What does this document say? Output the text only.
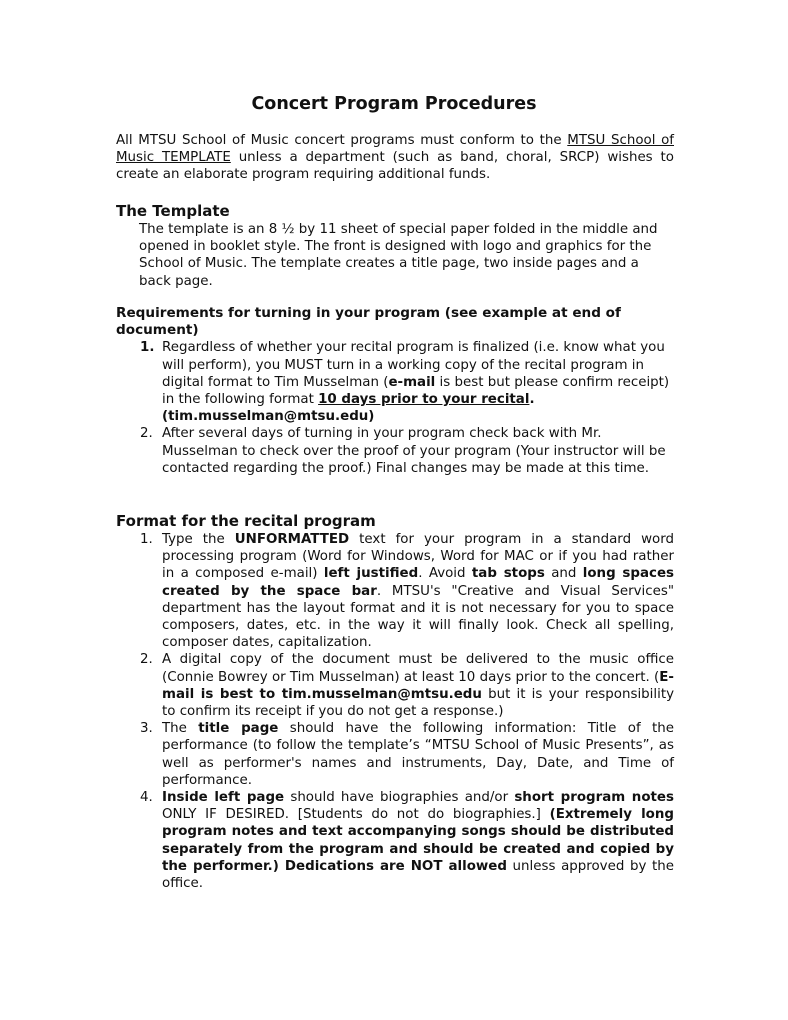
Concert Program Procedures

All MTSU School of Music concert programs must conform to the MTSU School of Music TEMPLATE unless a department (such as band, choral, SRCP) wishes to create an elaborate program requiring additional funds.

The Template

The template is an 8 ½ by 11 sheet of special paper folded in the middle and opened in booklet style. The front is designed with logo and graphics for the School of Music. The template creates a title page, two inside pages and a back page.

Requirements for turning in your program (see example at end of document)
1. Regardless of whether your recital program is finalized (i.e. know what you will perform), you MUST turn in a working copy of the recital program in digital format to Tim Musselman (e-mail is best but please confirm receipt) in the following format 10 days prior to your recital. (tim.musselman@mtsu.edu)
2. After several days of turning in your program check back with Mr. Musselman to check over the proof of your program (Your instructor will be contacted regarding the proof.) Final changes may be made at this time.
Format for the recital program
1. Type the UNFORMATTED text for your program in a standard word processing program (Word for Windows, Word for MAC or if you had rather in a composed e-mail) left justified. Avoid tab stops and long spaces created by the space bar. MTSU's "Creative and Visual Services" department has the layout format and it is not necessary for you to space composers, dates, etc. in the way it will finally look. Check all spelling, composer dates, capitalization.
2. A digital copy of the document must be delivered to the music office (Connie Bowrey or Tim Musselman) at least 10 days prior to the concert. (E-mail is best to tim.musselman@mtsu.edu but it is your responsibility to confirm its receipt if you do not get a response.)
3. The title page should have the following information: Title of the performance (to follow the template’s “MTSU School of Music Presents”, as well as performer's names and instruments, Day, Date, and Time of performance.
4. Inside left page should have biographies and/or short program notes ONLY IF DESIRED. [Students do not do biographies.] (Extremely long program notes and text accompanying songs should be distributed separately from the program and should be created and copied by the performer.) Dedications are NOT allowed unless approved by the office.
